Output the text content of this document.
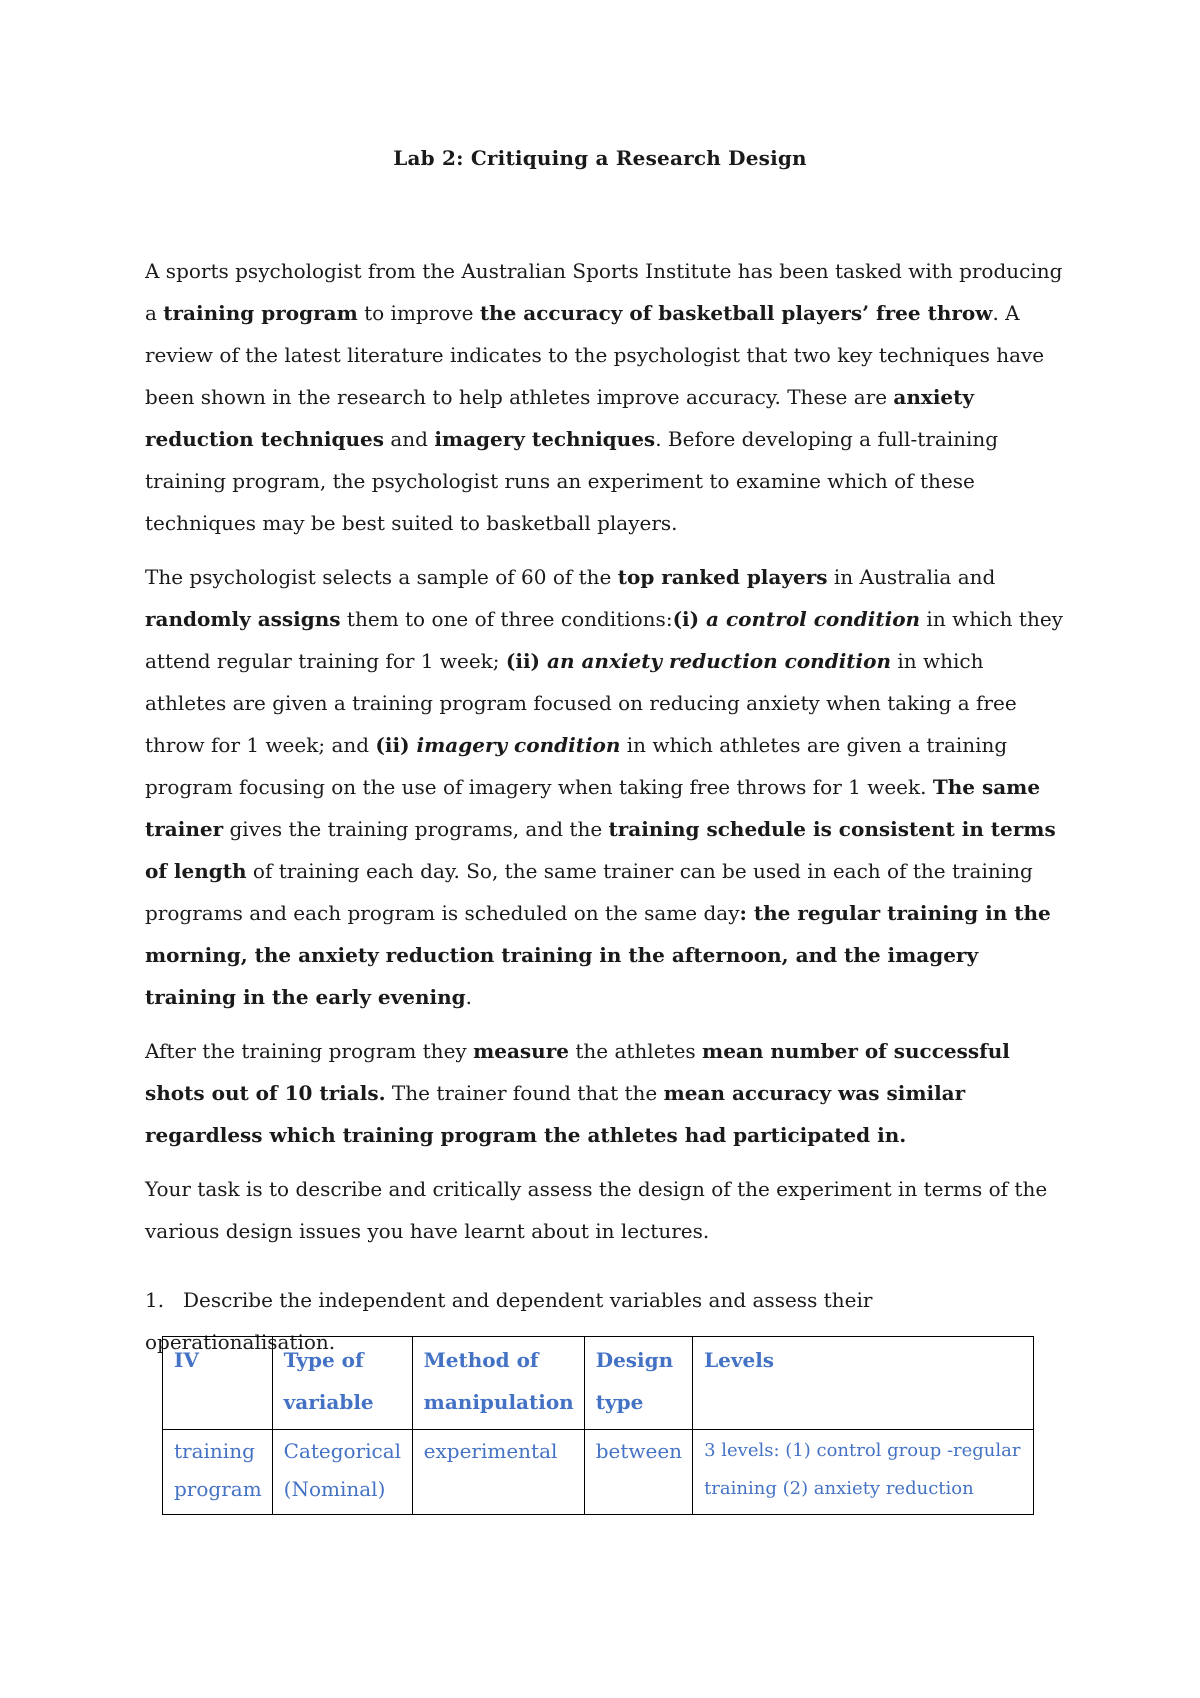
Lab 2: Critiquing a Research Design

A sports psychologist from the Australian Sports Institute has been tasked with producing a training program to improve the accuracy of basketball players’ free throw. A review of the latest literature indicates to the psychologist that two key techniques have been shown in the research to help athletes improve accuracy. These are anxiety reduction techniques and imagery techniques. Before developing a full-training training program, the psychologist runs an experiment to examine which of these techniques may be best suited to basketball players.

The psychologist selects a sample of 60 of the top ranked players in Australia and randomly assigns them to one of three conditions:(i) a control condition in which they attend regular training for 1 week; (ii) an anxiety reduction condition in which athletes are given a training program focused on reducing anxiety when taking a free throw for 1 week; and (ii) imagery condition in which athletes are given a training program focusing on the use of imagery when taking free throws for 1 week. The same trainer gives the training programs, and the training schedule is consistent in terms of length of training each day. So, the same trainer can be used in each of the training programs and each program is scheduled on the same day: the regular training in the morning, the anxiety reduction training in the afternoon, and the imagery training in the early evening.

After the training program they measure the athletes mean number of successful shots out of 10 trials. The trainer found that the mean accuracy was similar regardless which training program the athletes had participated in.

Your task is to describe and critically assess the design of the experiment in terms of the various design issues you have learnt about in lectures.

1. Describe the independent and dependent variables and assess their operationalisation.
IV	Type of variable	Method of manipulation	Design type	Levels
training program	Categorical (Nominal)	experimental	between	3 levels: (1) control group -regular training (2) anxiety reduction
